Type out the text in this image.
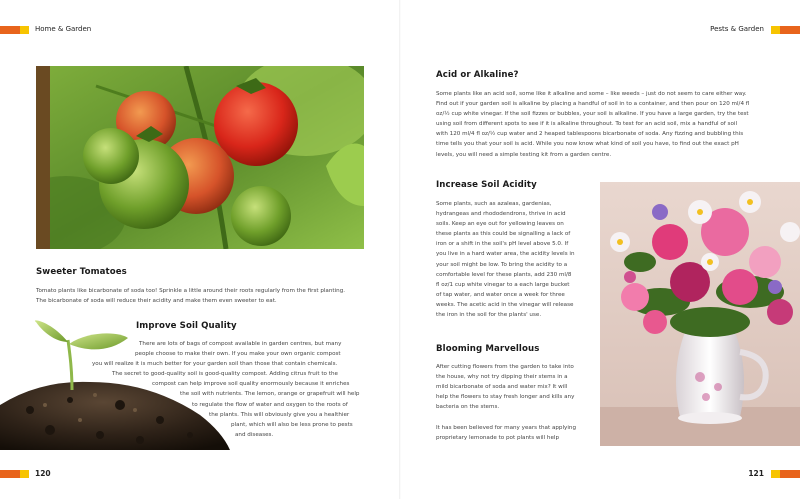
Home & Garden
Sweeter Tomatoes

Tomato plants like bicarbonate of soda too! Sprinkle a little around their roots regularly from the first planting.

The bicarbonate of soda will reduce their acidity and make them even sweeter to eat.

Improve Soil Quality

There are lots of bags of compost available in garden centres, but many

people choose to make their own. If you make your own organic compost

you will realize it is much better for your garden soil than those that contain chemicals.

The secret to good-quality soil is good-quality compost. Adding citrus fruit to the

compost can help improve soil quality enormously because it enriches

the soil with nutrients. The lemon, orange or grapefruit will help

to regulate the flow of water and oxygen to the roots of

the plants. This will obviously give you a healthier

plant, which will also be less prone to pests

and diseases.

120
Pests & Garden
Acid or Alkaline?

Some plants like an acid soil, some like it alkaline and some – like weeds – just do not seem to care either way.

Find out if your garden soil is alkaline by placing a handful of soil in to a container, and then pour on 120 ml/4 fl

oz/½ cup white vinegar. If the soil fizzes or bubbles, your soil is alkaline. If you have a large garden, try the test

using soil from different spots to see if it is alkaline throughout. To test for an acid soil, mix a handful of soil

with 120 ml/4 fl oz/½ cup water and 2 heaped tablespoons bicarbonate of soda. Any fizzing and bubbling this

time tells you that your soil is acid. While you now know what kind of soil you have, to find out the exact pH

levels, you will need a simple testing kit from a garden centre.

Increase Soil Acidity

Some plants, such as azaleas, gardenias,

hydrangeas and rhododendrons, thrive in acid

soils. Keep an eye out for yellowing leaves on

these plants as this could be signalling a lack of

iron or a shift in the soil's pH level above 5.0. If

you live in a hard water area, the acidity levels in

your soil might be low. To bring the acidity to a

comfortable level for these plants, add 230 ml/8

fl oz/1 cup white vinegar to a each large bucket

of tap water, and water once a week for three

weeks. The acetic acid in the vinegar will release

the iron in the soil for the plants' use.

Blooming Marvellous

After cutting flowers from the garden to take into

the house, why not try dipping their stems in a

mild bicarbonate of soda and water mix? It will

help the flowers to stay fresh longer and kills any

bacteria on the stems.

It has been believed for many years that applying

proprietary lemonade to pot plants will help

121
